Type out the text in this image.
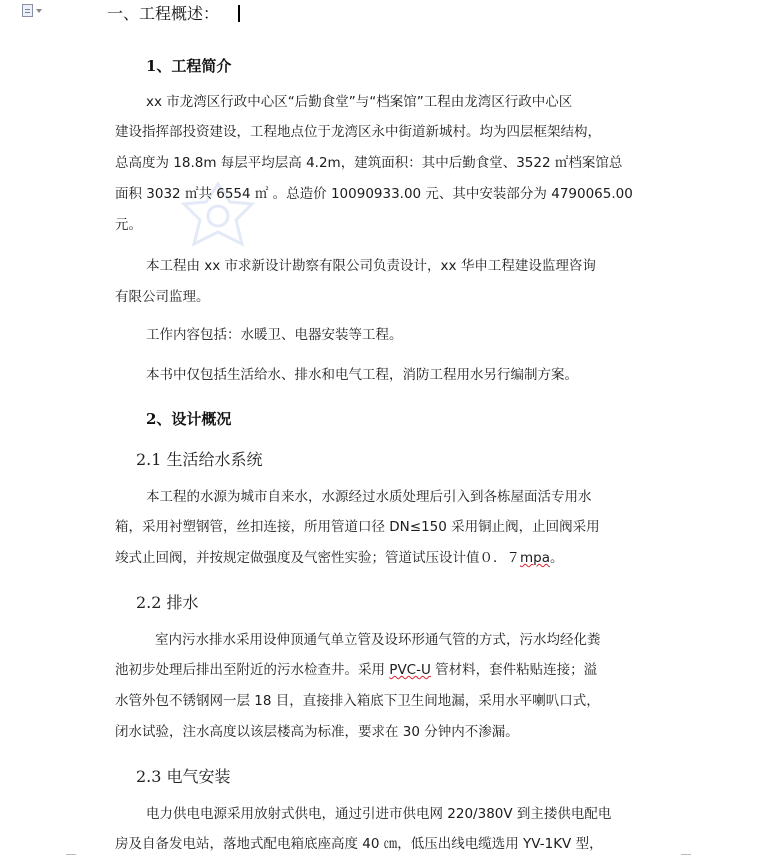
一、工程概述：
1、工程简介
xx 市龙湾区行政中心区“后勤食堂”与“档案馆”工程由龙湾区行政中心区
建设指挥部投资建设，工程地点位于龙湾区永中街道新城村。均为四层框架结构，
总高度为 18.8m 每层平均层高 4.2m，建筑面积：其中后勤食堂、3522 ㎡档案馆总
面积 3032 ㎡共 6554 ㎡ 。总造价 10090933.00 元、其中安装部分为 4790065.00
元。
本工程由 xx 市求新设计勘察有限公司负责设计，xx 华申工程建设监理咨询
有限公司监理。
工作内容包括：水暖卫、电器安装等工程。
本书中仅包括生活给水、排水和电气工程，消防工程用水另行编制方案。
2、设计概况
2.1 生活给水系统
本工程的水源为城市自来水，水源经过水质处理后引入到各栋屋面活专用水
箱，采用衬塑钢管，丝扣连接，所用管道口径 DN≤150 采用铜止阀，止回阀采用
竣式止回阀，并按规定做强度及气密性实验；管道试压设计值０．７mpa。
2.2 排水
室内污水排水采用设伸顶通气单立管及设环形通气管的方式，污水均经化粪
池初步处理后排出至附近的污水检查井。采用 PVC-U 管材料，套件粘贴连接；溢
水管外包不锈钢网一层 18 目，直接排入箱底下卫生间地漏，采用水平喇叭口式，
闭水试验，注水高度以该层楼高为标准，要求在 30 分钟内不渗漏。
2.3 电气安装
电力供电电源采用放射式供电，通过引进市供电网 220/380V 到主搂供电配电
房及自备发电站，落地式配电箱底座高度 40 ㎝，低压出线电缆选用 YV-1KV 型，
